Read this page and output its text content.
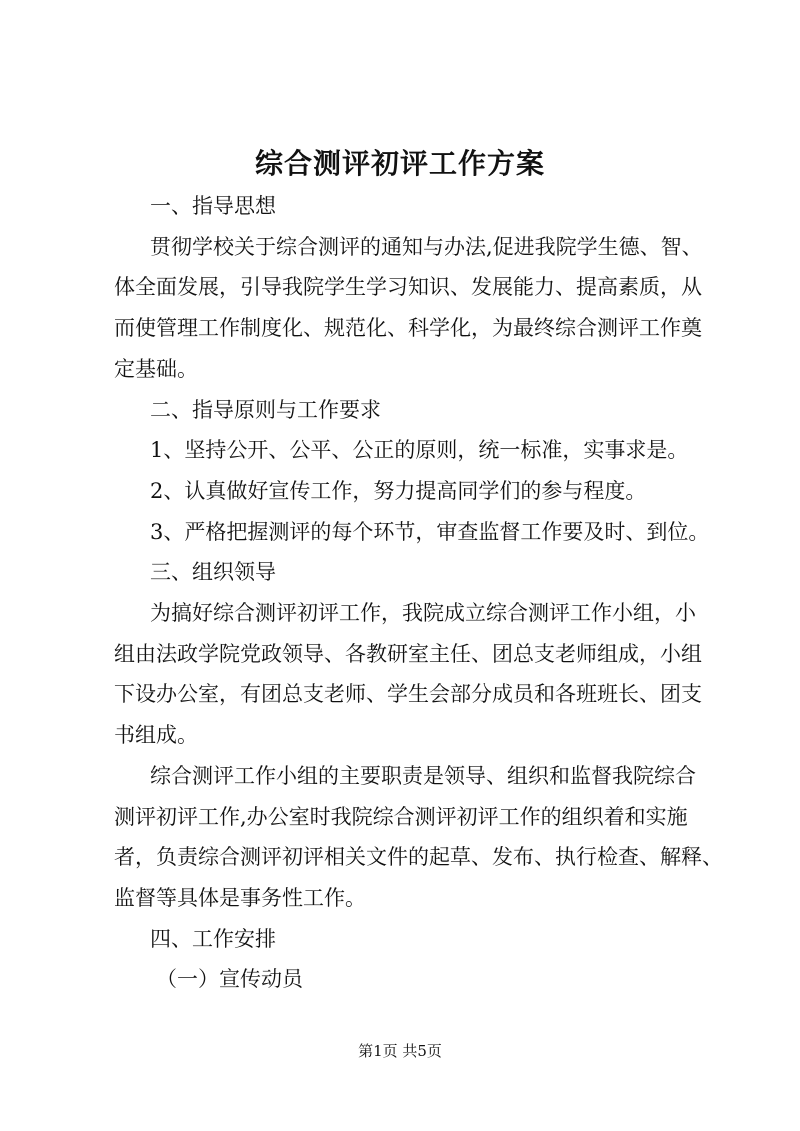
综合测评初评工作方案

一、指导思想

贯彻学校关于综合测评的通知与办法,促进我院学生德、智、

体全面发展，引导我院学生学习知识、发展能力、提高素质，从

而使管理工作制度化、规范化、科学化，为最终综合测评工作奠

定基础。

二、指导原则与工作要求

1、坚持公开、公平、公正的原则，统一标准，实事求是。

2、认真做好宣传工作，努力提高同学们的参与程度。

3、严格把握测评的每个环节，审查监督工作要及时、到位。

三、组织领导

为搞好综合测评初评工作，我院成立综合测评工作小组，小

组由法政学院党政领导、各教研室主任、团总支老师组成，小组

下设办公室，有团总支老师、学生会部分成员和各班班长、团支

书组成。

综合测评工作小组的主要职责是领导、组织和监督我院综合

测评初评工作,办公室时我院综合测评初评工作的组织着和实施

者，负责综合测评初评相关文件的起草、发布、执行检查、解释、

监督等具体是事务性工作。

四、工作安排

（一）宣传动员

第1页 共5页
